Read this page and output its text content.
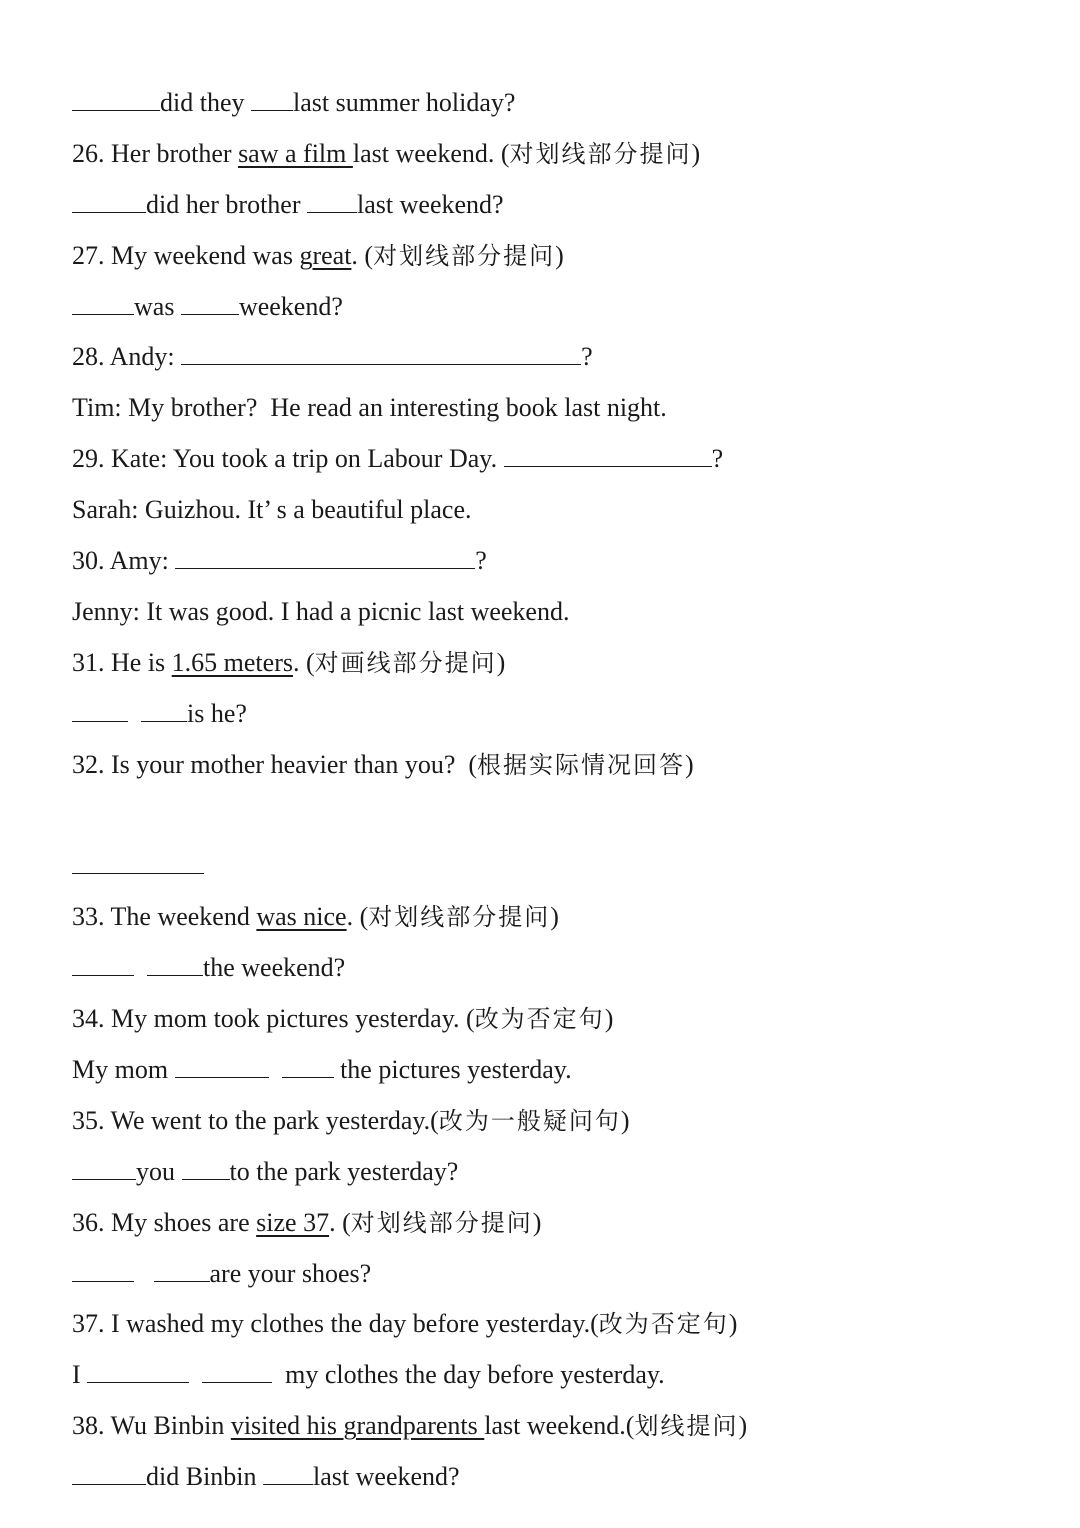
did they last summer holiday?
26. Her brother saw a film last weekend. (对划线部分提问)
did her brother last weekend?
27. My weekend was great. (对划线部分提问)
was weekend?
28. Andy:	?
Tim: My brother?  He read an interesting book last night.
29. Kate: You took a trip on Labour Day.	?
Sarah: Guizhou. It’ s a beautiful place.
30. Amy:	?
Jenny: It was good. I had a picnic last weekend.
31. He is 1.65 meters. (对画线部分提问)
is he?
32. Is your mother heavier than you?  (根据实际情况回答)
33. The weekend was nice. (对划线部分提问)
the weekend?
34. My mom took pictures yesterday. (改为否定句)
My mom	the pictures yesterday.
35. We went to the park yesterday.(改为一般疑问句)
you to the park yesterday?
36. My shoes are size 37. (对划线部分提问)
are your shoes?
37. I washed my clothes the day before yesterday.(改为否定句)
I	my clothes the day before yesterday.
38. Wu Binbin visited his grandparents last weekend.(划线提问)
did Binbin last weekend?
